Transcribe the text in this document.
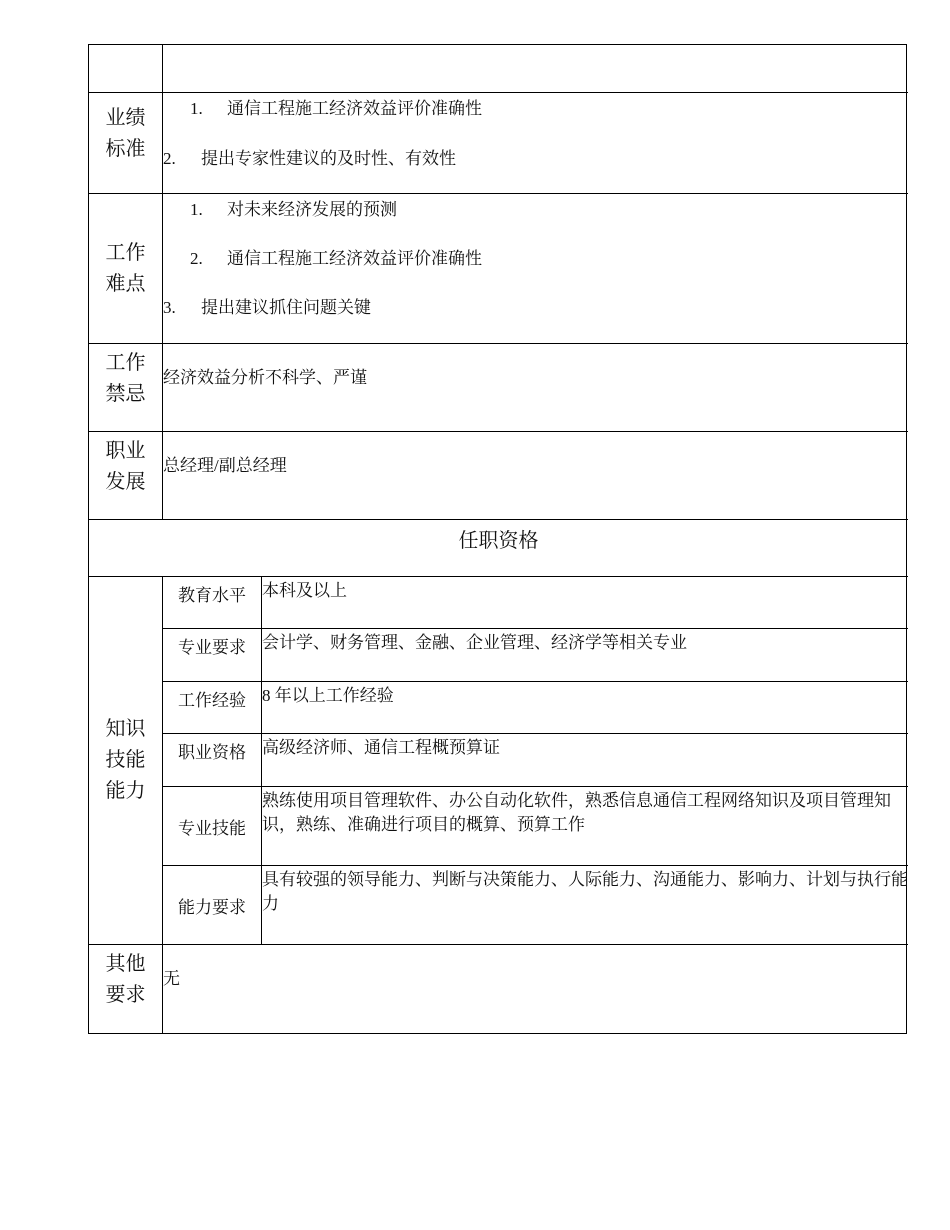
业绩
标准
1. 通信工程施工经济效益评价准确性
2. 提出专家性建议的及时性、有效性
工作
难点
1. 对未来经济发展的预测
2. 通信工程施工经济效益评价准确性
3. 提出建议抓住问题关键
工作
禁忌
经济效益分析不科学、严谨
职业
发展
总经理/副总经理
任职资格
知识
技能
能力
教育水平 本科及以上
专业要求 会计学、财务管理、金融、企业管理、经济学等相关专业
工作经验 8 年以上工作经验
职业资格 高级经济师、通信工程概预算证
专业技能
熟练使用项目管理软件、办公自动化软件，熟悉信息通信工程网络知识及项目管理知识，熟练、准确进行项目的概算、预算工作
能力要求
具有较强的领导能力、判断与决策能力、人际能力、沟通能力、影响力、计划与执行能力
其他
要求
无
